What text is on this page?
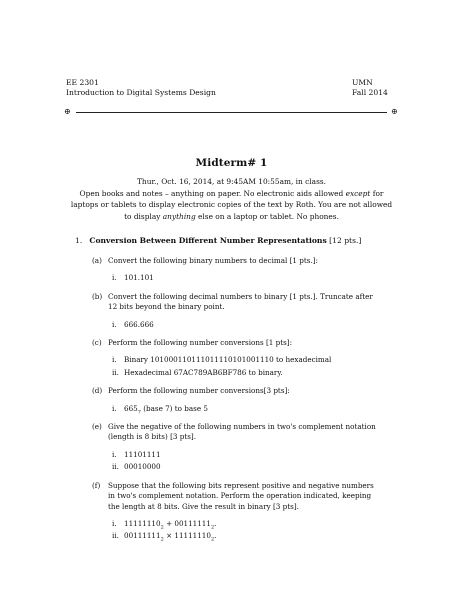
EE 2301
Introduction to Digital Systems Design
UMN
Fall 2014
⊕	⊕
Midterm# 1
Thur., Oct. 16, 2014, at 9:45AM 10:55am, in class.
Open books and notes – anything on paper. No electronic aids allowed except for laptops or tablets to display electronic copies of the text by Roth. You are not allowed to display anything else on a laptop or tablet. No phones.
1. Conversion Between Different Number Representations [12 pts.]
(a) Convert the following binary numbers to decimal [1 pts.]:
i. 101.101
(b) Convert the following decimal numbers to binary [1 pts.]. Truncate after 12 bits beyond the binary point.
i. 666.666
(c) Perform the following number conversions [1 pts]:
i. Binary 101000110111011110101001110 to hexadecimal
ii. Hexadecimal 67AC789AB6BF786 to binary.
(d) Perform the following number conversions[3 pts]:
i. $665_7$ (base 7) to base 5
(e) Give the negative of the following numbers in two's complement notation (length is 8 bits) [3 pts].
i. 11101111
ii. 00010000
(f) Suppose that the following bits represent positive and negative numbers in two's complement notation. Perform the operation indicated, keeping the length at 8 bits. Give the result in binary [3 pts].
i. $11111110_2 + 00111111_2$.
ii. $00111111_2 \times 11111110_2$.
